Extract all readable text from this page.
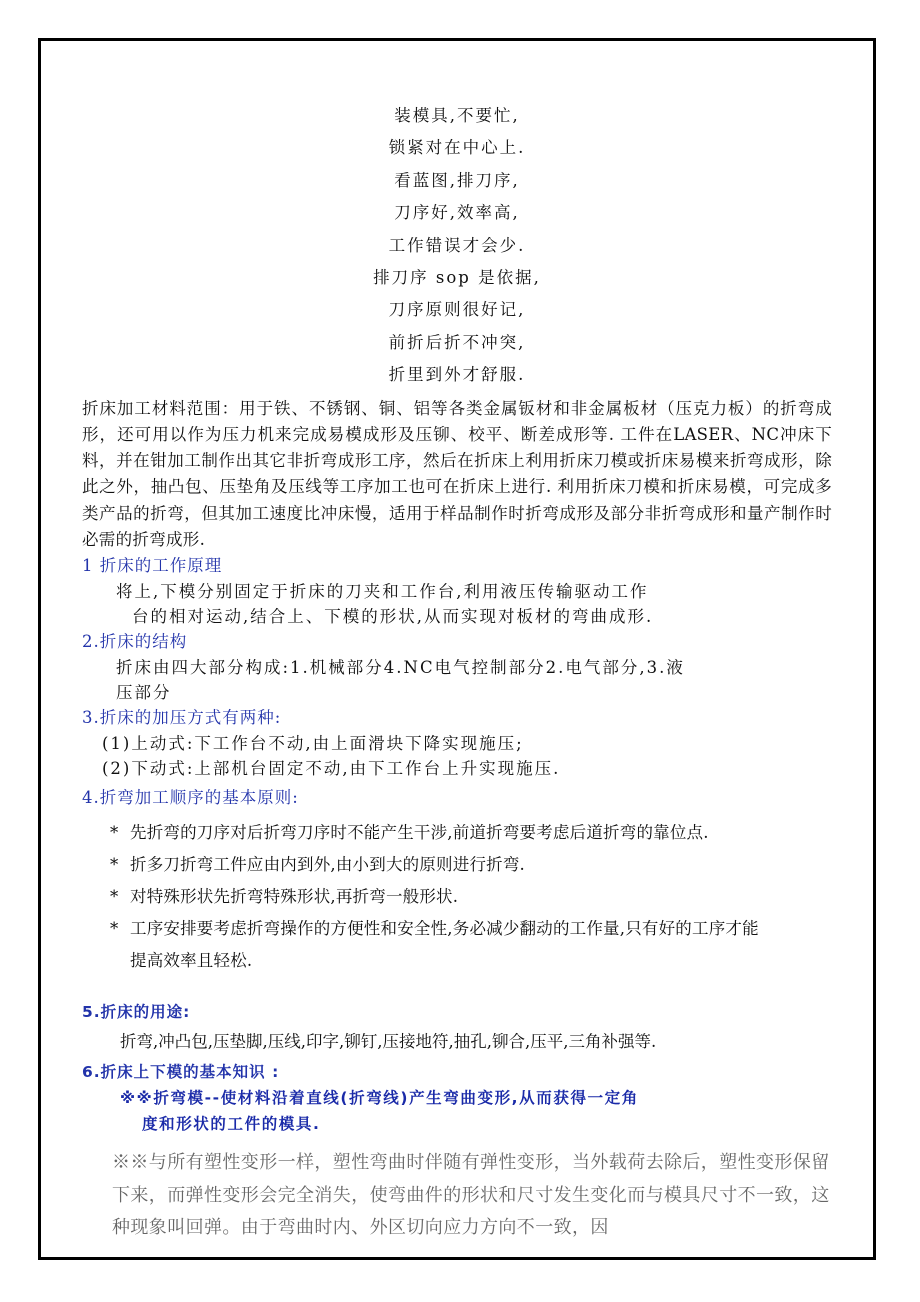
装模具,不要忙,
锁紧对在中心上.
看蓝图,排刀序,
刀序好,效率高,
工作错误才会少.
排刀序 sop 是依据,
刀序原则很好记,
前折后折不冲突,
折里到外才舒服.

折床加工材料范围：用于铁、不锈钢、铜、铝等各类金属钣材和非金属板材（压克力板）的折弯成形，还可用以作为压力机来完成易模成形及压铆、校平、断差成形等. 工件在LASER、NC冲床下料，并在钳加工制作出其它非折弯成形工序，然后在折床上利用折床刀模或折床易模来折弯成形，除此之外，抽凸包、压垫角及压线等工序加工也可在折床上进行. 利用折床刀模和折床易模，可完成多类产品的折弯，但其加工速度比冲床慢，适用于样品制作时折弯成形及部分非折弯成形和量产制作时必需的折弯成形.

1 折床的工作原理
将上,下模分别固定于折床的刀夹和工作台,利用液压传输驱动工作
台的相对运动,结合上、下模的形状,从而实现对板材的弯曲成形.
2.折床的结构
折床由四大部分构成:1.机械部分4.NC电气控制部分2.电气部分,3.液
压部分
3.折床的加压方式有两种:
(1)上动式:下工作台不动,由上面滑块下降实现施压;
(2)下动式:上部机台固定不动,由下工作台上升实现施压.
4.折弯加工顺序的基本原则:
* 先折弯的刀序对后折弯刀序时不能产生干涉,前道折弯要考虑后道折弯的靠位点.
* 折多刀折弯工件应由内到外,由小到大的原则进行折弯.
* 对特殊形状先折弯特殊形状,再折弯一般形状.
* 工序安排要考虑折弯操作的方便性和安全性,务必减少翻动的工作量,只有好的工序才能
提高效率且轻松.
5.折床的用途:
折弯,冲凸包,压垫脚,压线,印字,铆钉,压接地符,抽孔,铆合,压平,三角补强等.
6.折床上下模的基本知识 :
※※折弯模--使材料沿着直线(折弯线)产生弯曲变形,从而获得一定角
度和形状的工件的模具.
※※与所有塑性变形一样，塑性弯曲时伴随有弹性变形，当外载荷去除后，塑性变形保留下来，而弹性变形会完全消失，使弯曲件的形状和尺寸发生变化而与模具尺寸不一致，这种现象叫回弹。由于弯曲时内、外区切向应力方向不一致，因
